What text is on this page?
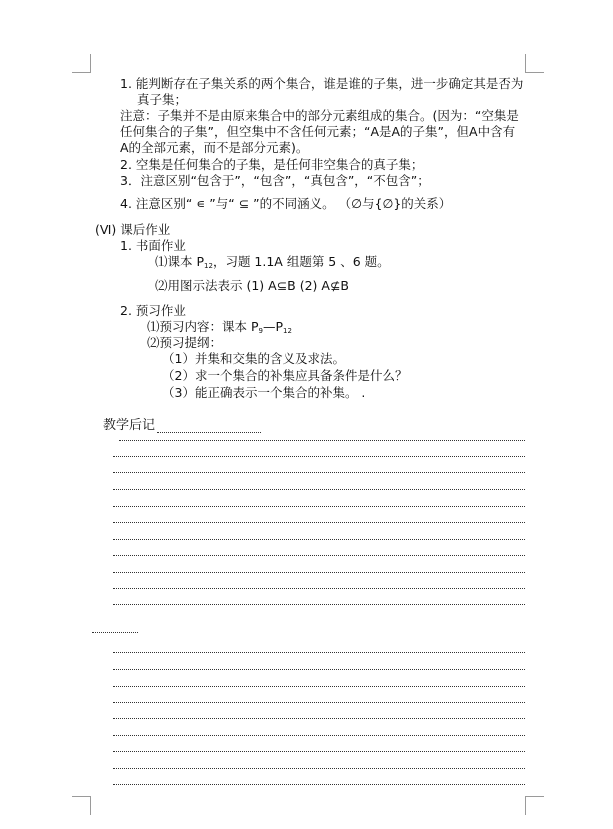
1. 能判断存在子集关系的两个集合，谁是谁的子集，进一步确定其是否为
真子集；
注意：子集并不是由原来集合中的部分元素组成的集合。(因为：“空集是
任何集合的子集”，但空集中不含任何元素；“A是A的子集”，但A中含有
A的全部元素，而不是部分元素)。
2. 空集是任何集合的子集，是任何非空集合的真子集；
3．注意区别“包含于”，“包含”，“真包含”，“不包含”；
4. 注意区别“ ∊ ”与“ ⊆ ”的不同涵义。 （∅与{∅}的关系）
(Ⅵ) 课后作业
1. 书面作业
⑴课本 $P_{12}$，习题 1.1A 组题第 5 、6 题。
⑵用图示法表示 (1) A⊆B (2) A⊈B
2. 预习作业
⑴预习内容：课本 $P_9—P_{12}$
⑵预习提纲：
（1）并集和交集的含义及求法。
（2）求一个集合的补集应具备条件是什么？
（3）能正确表示一个集合的补集。 .
教学后记
